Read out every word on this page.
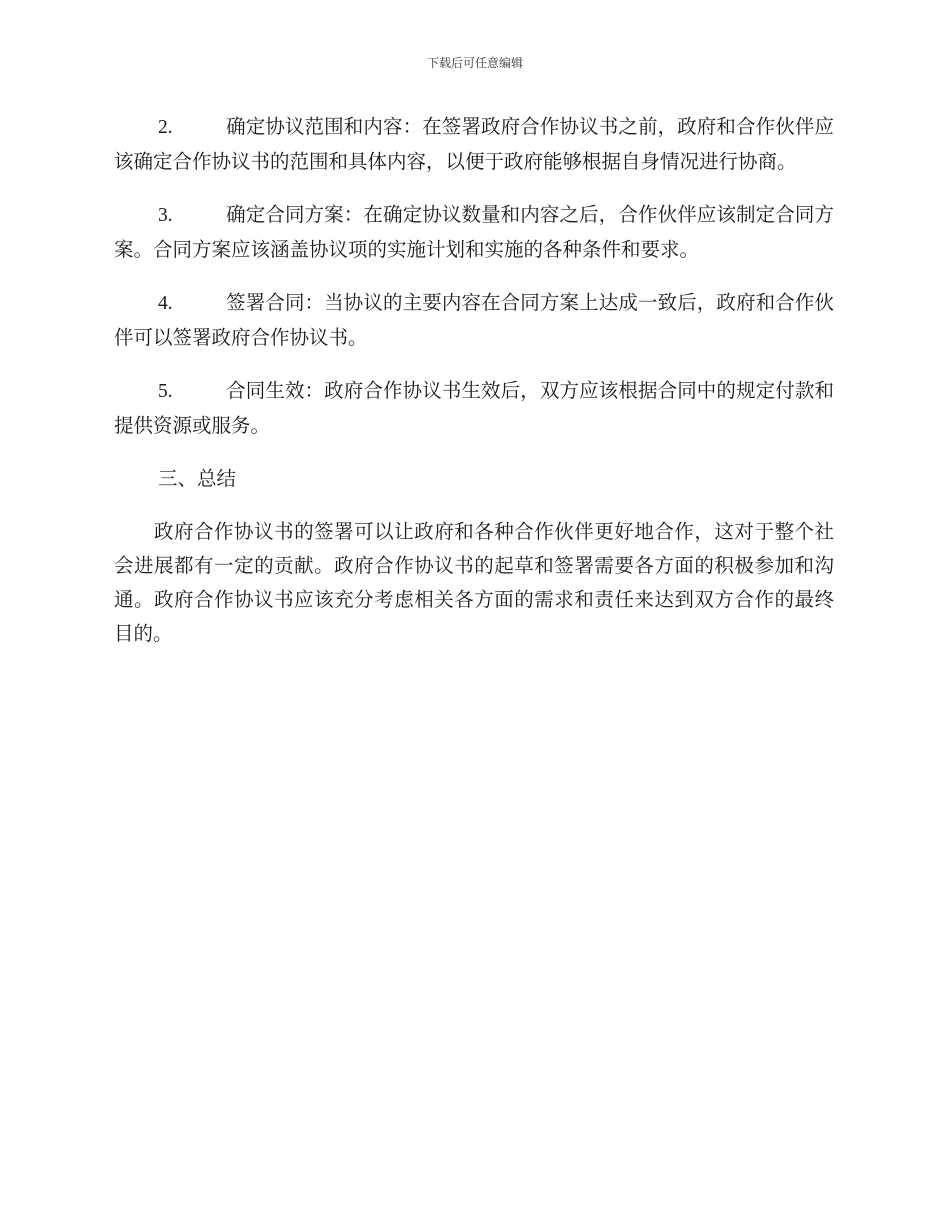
下载后可任意编辑

2.	确定协议范围和内容：在签署政府合作协议书之前，政府和合作伙伴应该确定合作协议书的范围和具体内容，以便于政府能够根据自身情况进行协商。

3.	确定合同方案：在确定协议数量和内容之后，合作伙伴应该制定合同方案。合同方案应该涵盖协议项的实施计划和实施的各种条件和要求。

4.	签署合同：当协议的主要内容在合同方案上达成一致后，政府和合作伙伴可以签署政府合作协议书。

5.	合同生效：政府合作协议书生效后，双方应该根据合同中的规定付款和提供资源或服务。

三、总结

政府合作协议书的签署可以让政府和各种合作伙伴更好地合作，这对于整个社会进展都有一定的贡献。政府合作协议书的起草和签署需要各方面的积极参加和沟通。政府合作协议书应该充分考虑相关各方面的需求和责任来达到双方合作的最终目的。
